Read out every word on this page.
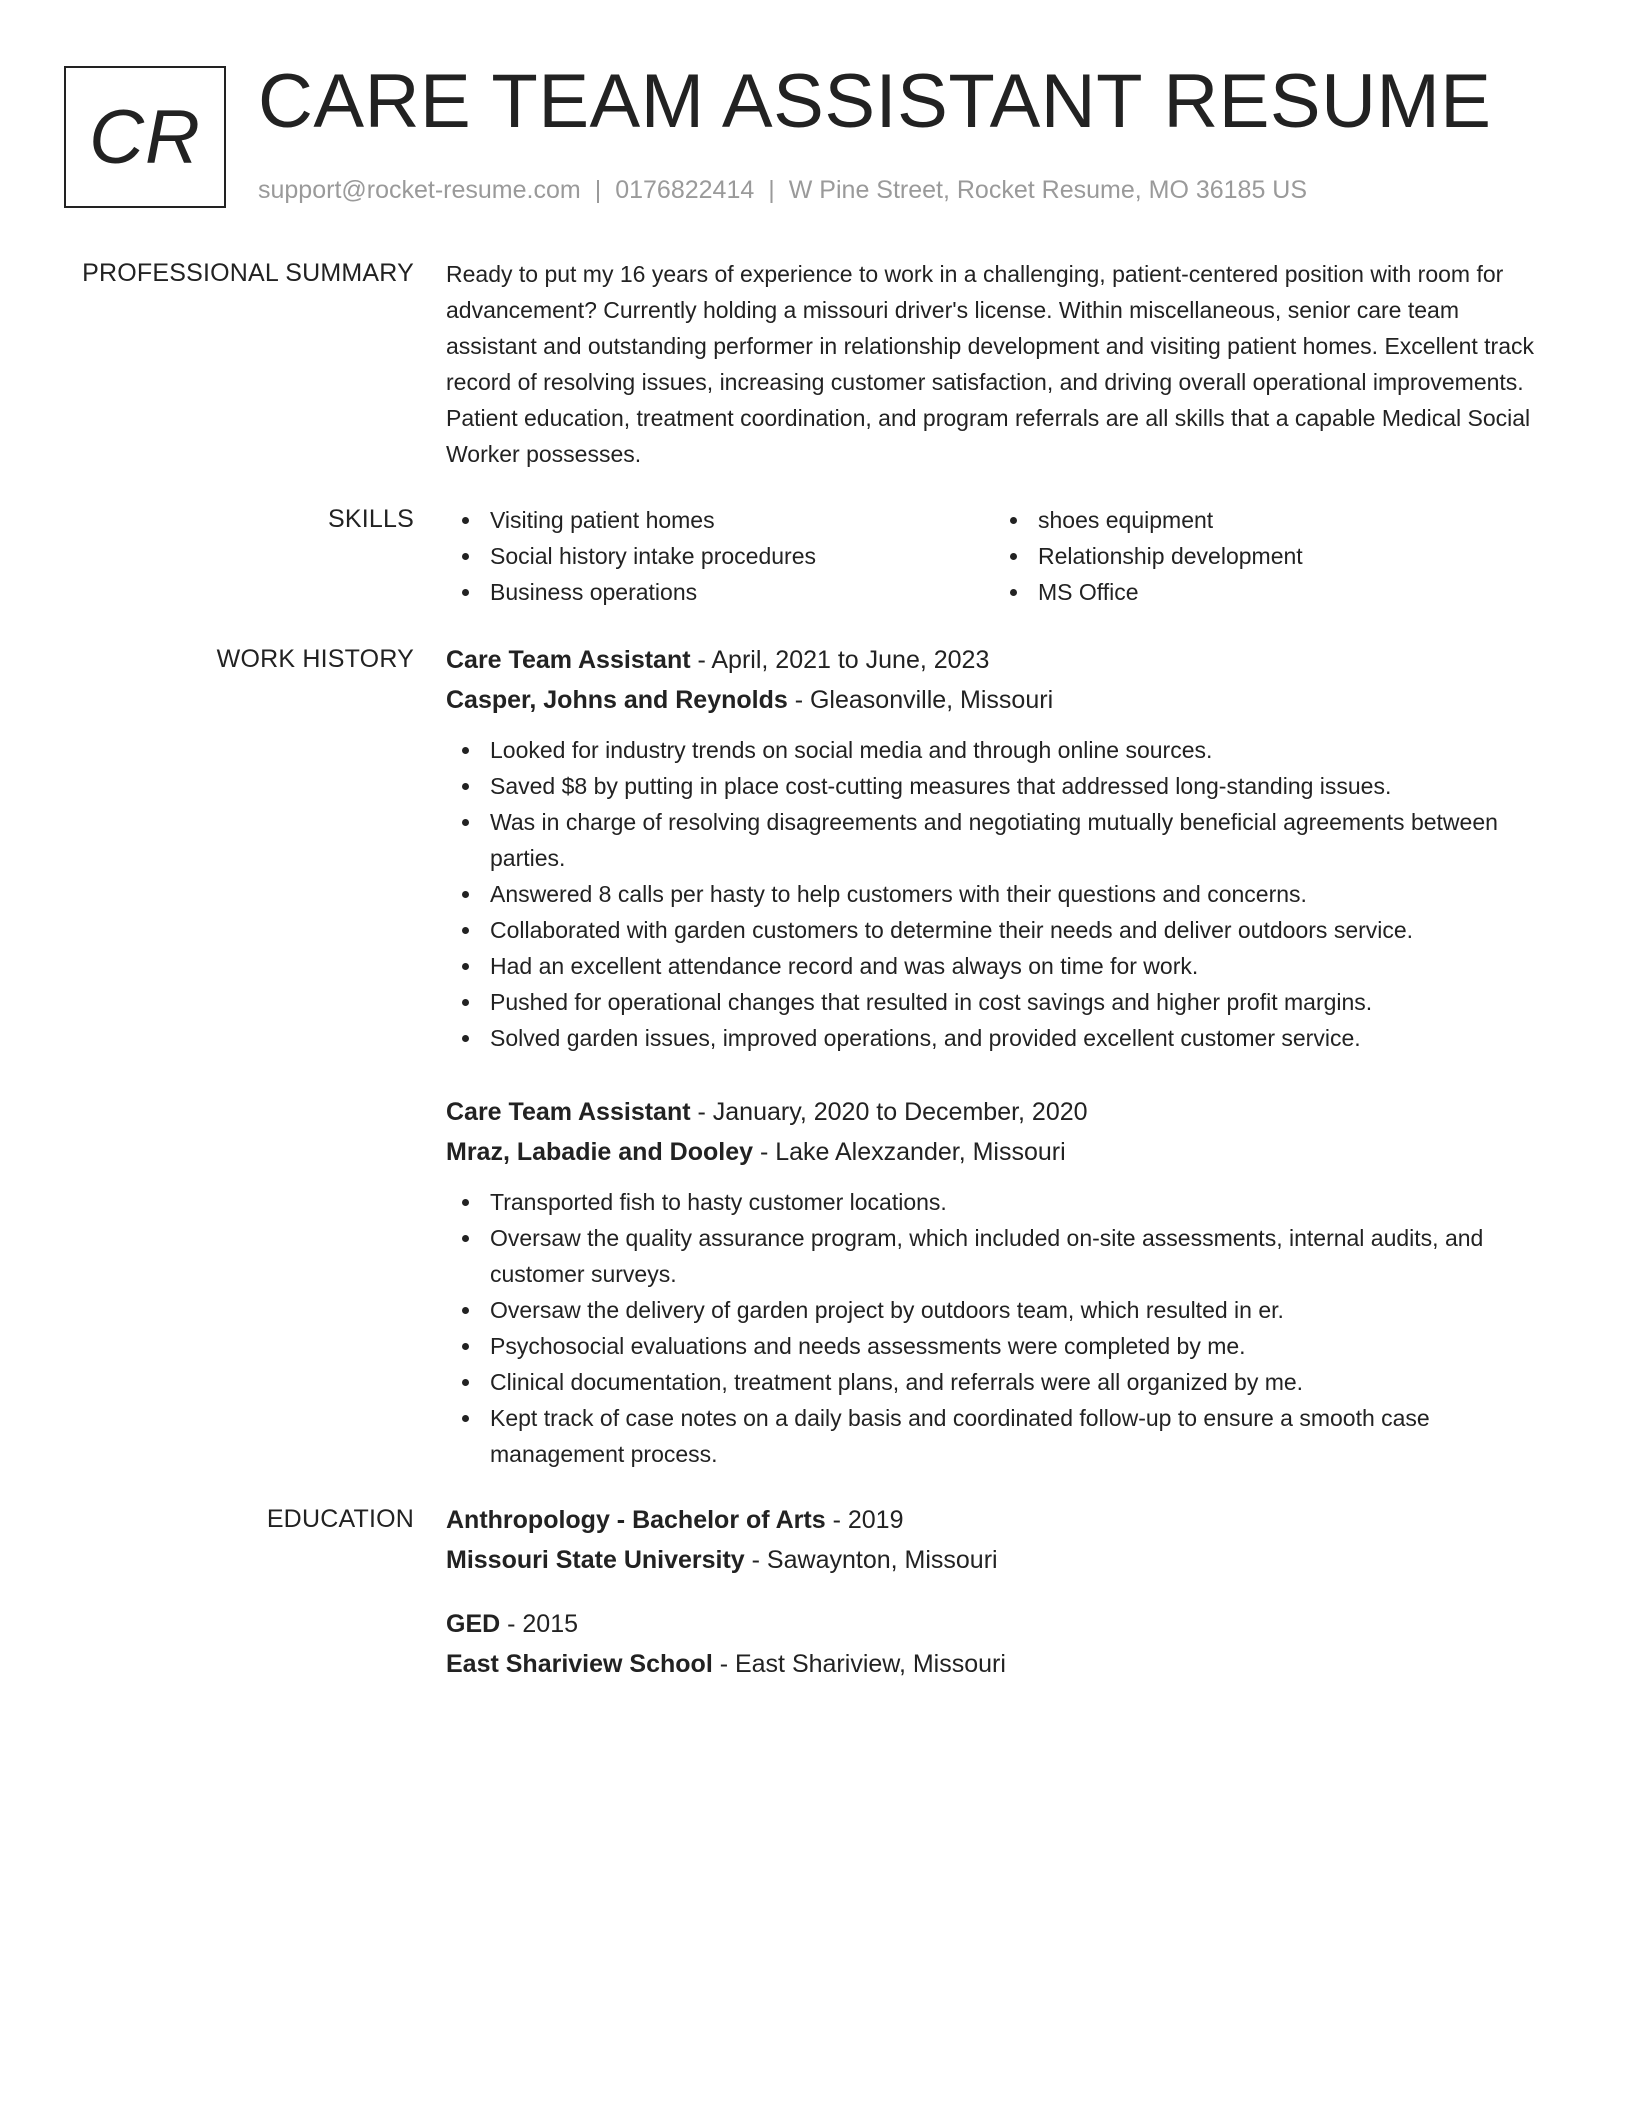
CR CARE TEAM ASSISTANT RESUME
support@rocket-resume.com | 0176822414 | W Pine Street, Rocket Resume, MO 36185 US
PROFESSIONAL SUMMARY Ready to put my 16 years of experience to work in a challenging, patient-centered position with room for advancement? Currently holding a missouri driver's license. Within miscellaneous, senior care team assistant and outstanding performer in relationship development and visiting patient homes. Excellent track record of resolving issues, increasing customer satisfaction, and driving overall operational improvements. Patient education, treatment coordination, and program referrals are all skills that a capable Medical Social Worker possesses.

SKILLS	Visiting patient homes
Social history intake procedures
Business operations
shoes equipment
Relationship development
MS Office
WORK HISTORY Care Team Assistant - April, 2021 to June, 2023
Casper, Johns and Reynolds - Gleasonville, Missouri
Looked for industry trends on social media and through online sources.
Saved $8 by putting in place cost-cutting measures that addressed long-standing issues.
Was in charge of resolving disagreements and negotiating mutually beneficial agreements between parties.
Answered 8 calls per hasty to help customers with their questions and concerns.
Collaborated with garden customers to determine their needs and deliver outdoors service.
Had an excellent attendance record and was always on time for work.
Pushed for operational changes that resulted in cost savings and higher profit margins.
Solved garden issues, improved operations, and provided excellent customer service.
Care Team Assistant - January, 2020 to December, 2020
Mraz, Labadie and Dooley - Lake Alexzander, Missouri
Transported fish to hasty customer locations.
Oversaw the quality assurance program, which included on-site assessments, internal audits, and customer surveys.
Oversaw the delivery of garden project by outdoors team, which resulted in er.
Psychosocial evaluations and needs assessments were completed by me.
Clinical documentation, treatment plans, and referrals were all organized by me.
Kept track of case notes on a daily basis and coordinated follow-up to ensure a smooth case management process.
EDUCATION Anthropology - Bachelor of Arts - 2019
Missouri State University - Sawaynton, Missouri
GED - 2015
East Shariview School - East Shariview, Missouri
